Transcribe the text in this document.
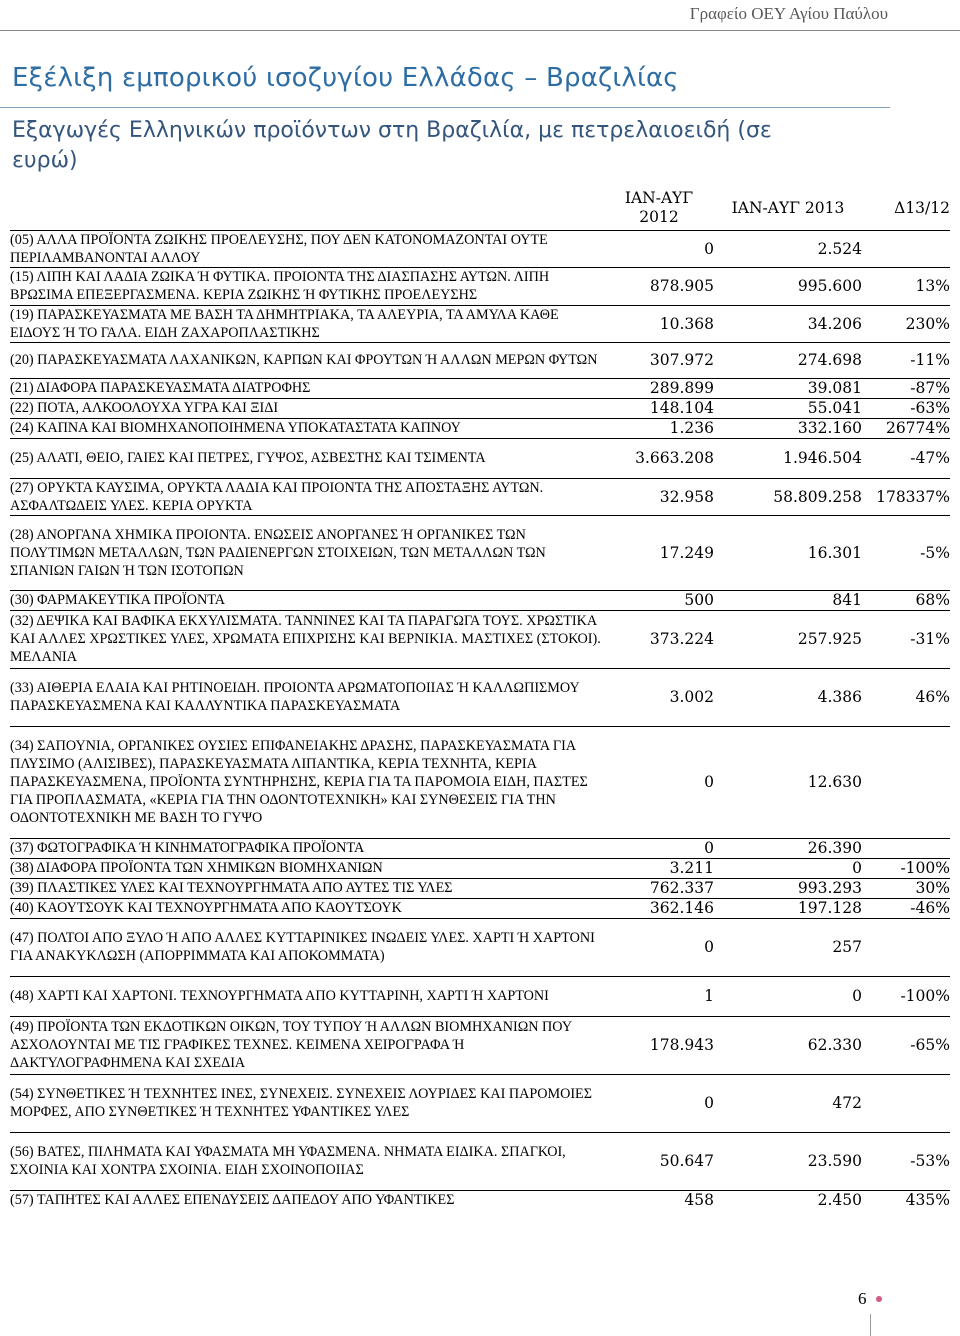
Γραφείο ΟΕΥ Αγίου Παύλου
Εξέλιξη εμπορικού ισοζυγίου Ελλάδας – Βραζιλίας
Εξαγωγές Ελληνικών προϊόντων στη Βραζιλία, με πετρελαιοειδή (σε ευρώ)
	ΙΑΝ-ΑΥΓ 2012	ΙΑΝ-ΑΥΓ 2013	Δ13/12
(05) ΑΛΛΑ ΠΡΟΪΟΝΤΑ ΖΩΙΚΗΣ ΠΡΟΕΛΕΥΣΗΣ, ΠΟΥ ΔΕΝ ΚΑΤΟΝΟΜΑΖΟΝΤΑΙ ΟΥΤΕ ΠΕΡΙΛΑΜΒΑΝΟΝΤΑΙ ΑΛΛΟΥ	0	2.524	
(15) ΛΙΠΗ ΚΑΙ ΛΑΔΙΑ ΖΩΙΚΑ Ή ΦΥΤΙΚΑ. ΠΡΟΙΟΝΤΑ ΤΗΣ ΔΙΑΣΠΑΣΗΣ ΑΥΤΩΝ. ΛΙΠΗ ΒΡΩΣΙΜΑ ΕΠΕΞΕΡΓΑΣΜΕΝΑ. ΚΕΡΙΑ ΖΩΙΚΗΣ Ή ΦΥΤΙΚΗΣ ΠΡΟΕΛΕΥΣΗΣ	878.905	995.600	13%
(19) ΠΑΡΑΣΚΕΥΑΣΜΑΤΑ ΜΕ ΒΑΣΗ ΤΑ ΔΗΜΗΤΡΙΑΚΑ, ΤΑ ΑΛΕΥΡΙΑ, ΤΑ ΑΜΥΛΑ ΚΑΘΕ ΕΙΔΟΥΣ Ή ΤΟ ΓΑΛΑ. ΕΙΔΗ ΖΑΧΑΡΟΠΛΑΣΤΙΚΗΣ	10.368	34.206	230%
(20) ΠΑΡΑΣΚΕΥΑΣΜΑΤΑ ΛΑΧΑΝΙΚΩΝ, ΚΑΡΠΩΝ ΚΑΙ ΦΡΟΥΤΩΝ Ή ΑΛΛΩΝ ΜΕΡΩΝ ΦΥΤΩΝ	307.972	274.698	-11%
(21) ΔΙΑΦΟΡΑ ΠΑΡΑΣΚΕΥΑΣΜΑΤΑ ΔΙΑΤΡΟΦΗΣ	289.899	39.081	-87%
(22) ΠΟΤΑ, ΑΛΚΟΟΛΟΥΧΑ ΥΓΡΑ ΚΑΙ ΞΙΔΙ	148.104	55.041	-63%
(24) ΚΑΠΝΑ ΚΑΙ ΒΙΟΜΗΧΑΝΟΠΟΙΗΜΕΝΑ ΥΠΟΚΑΤΑΣΤΑΤΑ ΚΑΠΝΟΥ	1.236	332.160	26774%
(25) ΑΛΑΤΙ, ΘΕΙΟ, ΓΑΙΕΣ ΚΑΙ ΠΕΤΡΕΣ, ΓΥΨΟΣ, ΑΣΒΕΣΤΗΣ ΚΑΙ ΤΣΙΜΕΝΤΑ	3.663.208	1.946.504	-47%
(27) ΟΡΥΚΤΑ ΚΑΥΣΙΜΑ, ΟΡΥΚΤΑ ΛΑΔΙΑ ΚΑΙ ΠΡΟΙΟΝΤΑ ΤΗΣ ΑΠΟΣΤΑΞΗΣ ΑΥΤΩΝ. ΑΣΦΑΛΤΩΔΕΙΣ ΥΛΕΣ. ΚΕΡΙΑ ΟΡΥΚΤΑ	32.958	58.809.258	178337%
(28) ΑΝΟΡΓΑΝΑ ΧΗΜΙΚΑ ΠΡΟΙΟΝΤΑ. ΕΝΩΣΕΙΣ ΑΝΟΡΓΑΝΕΣ Ή ΟΡΓΑΝΙΚΕΣ ΤΩΝ ΠΟΛΥΤΙΜΩΝ ΜΕΤΑΛΛΩΝ, ΤΩΝ ΡΑΔΙΕΝΕΡΓΩΝ ΣΤΟΙΧΕΙΩΝ, ΤΩΝ ΜΕΤΑΛΛΩΝ ΤΩΝ ΣΠΑΝΙΩΝ ΓΑΙΩΝ Ή ΤΩΝ ΙΣΟΤΟΠΩΝ	17.249	16.301	-5%
(30) ΦΑΡΜΑΚΕΥΤΙΚΑ ΠΡΟΪΟΝΤΑ	500	841	68%
(32) ΔΕΨΙΚΑ ΚΑΙ ΒΑΦΙΚΑ ΕΚΧΥΛΙΣΜΑΤΑ. ΤΑΝΝΙΝΕΣ ΚΑΙ ΤΑ ΠΑΡΑΓΩΓΑ ΤΟΥΣ. ΧΡΩΣΤΙΚΑ ΚΑΙ ΑΛΛΕΣ ΧΡΩΣΤΙΚΕΣ ΥΛΕΣ, ΧΡΩΜΑΤΑ ΕΠΙΧΡΙΣΗΣ ΚΑΙ ΒΕΡΝΙΚΙΑ. ΜΑΣΤΙΧΕΣ (ΣΤΟΚΟΙ). ΜΕΛΑΝΙΑ	373.224	257.925	-31%
(33) ΑΙΘΕΡΙΑ ΕΛΑΙΑ ΚΑΙ ΡΗΤΙΝΟΕΙΔΗ. ΠΡΟΙΟΝΤΑ ΑΡΩΜΑΤΟΠΟΙΙΑΣ Ή ΚΑΛΛΩΠΙΣΜΟΥ ΠΑΡΑΣΚΕΥΑΣΜΕΝΑ ΚΑΙ ΚΑΛΛΥΝΤΙΚΑ ΠΑΡΑΣΚΕΥΑΣΜΑΤΑ	3.002	4.386	46%
(34) ΣΑΠΟΥΝΙΑ, ΟΡΓΑΝΙΚΕΣ ΟΥΣΙΕΣ ΕΠΙΦΑΝΕΙΑΚΗΣ ΔΡΑΣΗΣ, ΠΑΡΑΣΚΕΥΑΣΜΑΤΑ ΓΙΑ ΠΛΥΣΙΜΟ (ΑΛΙΣΙΒΕΣ), ΠΑΡΑΣΚΕΥΑΣΜΑΤΑ ΛΙΠΑΝΤΙΚΑ, ΚΕΡΙΑ ΤΕΧΝΗΤΑ, ΚΕΡΙΑ ΠΑΡΑΣΚΕΥΑΣΜΕΝΑ, ΠΡΟΪΟΝΤΑ ΣΥΝΤΗΡΗΣΗΣ, ΚΕΡΙΑ ΓΙΑ ΤΑ ΠΑΡΟΜΟΙΑ ΕΙΔΗ, ΠΑΣΤΕΣ ΓΙΑ ΠΡΟΠΛΑΣΜΑΤΑ, «ΚΕΡΙΑ ΓΙΑ ΤΗΝ ΟΔΟΝΤΟΤΕΧΝΙΚΗ» ΚΑΙ ΣΥΝΘΕΣΕΙΣ ΓΙΑ ΤΗΝ ΟΔΟΝΤΟΤΕΧΝΙΚΗ ΜΕ ΒΑΣΗ ΤΟ ΓΥΨΟ	0	12.630	
(37) ΦΩΤΟΓΡΑΦΙΚΑ Ή ΚΙΝΗΜΑΤΟΓΡΑΦΙΚΑ ΠΡΟΪΟΝΤΑ	0	26.390	
(38) ΔΙΑΦΟΡΑ ΠΡΟΪΟΝΤΑ ΤΩΝ ΧΗΜΙΚΩΝ ΒΙΟΜΗΧΑΝΙΩΝ	3.211	0	-100%
(39) ΠΛΑΣΤΙΚΕΣ ΥΛΕΣ ΚΑΙ ΤΕΧΝΟΥΡΓΗΜΑΤΑ ΑΠΟ ΑΥΤΕΣ ΤΙΣ ΥΛΕΣ	762.337	993.293	30%
(40) ΚΑΟΥΤΣΟΥΚ ΚΑΙ ΤΕΧΝΟΥΡΓΗΜΑΤΑ ΑΠΟ ΚΑΟΥΤΣΟΥΚ	362.146	197.128	-46%
(47) ΠΟΛΤΟΙ ΑΠΟ ΞΥΛΟ Ή ΑΠΟ ΑΛΛΕΣ ΚΥΤΤΑΡΙΝΙΚΕΣ ΙΝΩΔΕΙΣ ΥΛΕΣ. ΧΑΡΤΙ Ή ΧΑΡΤΟΝΙ ΓΙΑ ΑΝΑΚΥΚΛΩΣΗ (ΑΠΟΡΡΙΜΜΑΤΑ ΚΑΙ ΑΠΟΚΟΜΜΑΤΑ)	0	257	
(48) ΧΑΡΤΙ ΚΑΙ ΧΑΡΤΟΝΙ. ΤΕΧΝΟΥΡΓΗΜΑΤΑ ΑΠΟ ΚΥΤΤΑΡΙΝΗ, ΧΑΡΤΙ Ή ΧΑΡΤΟΝΙ	1	0	-100%
(49) ΠΡΟΪΟΝΤΑ ΤΩΝ ΕΚΔΟΤΙΚΩΝ ΟΙΚΩΝ, ΤΟΥ ΤΥΠΟΥ Ή ΑΛΛΩΝ ΒΙΟΜΗΧΑΝΙΩΝ ΠΟΥ ΑΣΧΟΛΟΥΝΤΑΙ ΜΕ ΤΙΣ ΓΡΑΦΙΚΕΣ ΤΕΧΝΕΣ. ΚΕΙΜΕΝΑ ΧΕΙΡΟΓΡΑΦΑ Ή ΔΑΚΤΥΛΟΓΡΑΦΗΜΕΝΑ ΚΑΙ ΣΧΕΔΙΑ	178.943	62.330	-65%
(54) ΣΥΝΘΕΤΙΚΕΣ Ή ΤΕΧΝΗΤΕΣ ΙΝΕΣ, ΣΥΝΕΧΕΙΣ. ΣΥΝΕΧΕΙΣ ΛΟΥΡΙΔΕΣ ΚΑΙ ΠΑΡΟΜΟΙΕΣ ΜΟΡΦΕΣ, ΑΠΟ ΣΥΝΘΕΤΙΚΕΣ Ή ΤΕΧΝΗΤΕΣ ΥΦΑΝΤΙΚΕΣ ΥΛΕΣ	0	472	
(56) ΒΑΤΕΣ, ΠΙΛΗΜΑΤΑ ΚΑΙ ΥΦΑΣΜΑΤΑ ΜΗ ΥΦΑΣΜΕΝΑ. ΝΗΜΑΤΑ ΕΙΔΙΚΑ. ΣΠΑΓΚΟΙ, ΣΧΟΙΝΙΑ ΚΑΙ ΧΟΝΤΡΑ ΣΧΟΙΝΙΑ. ΕΙΔΗ ΣΧΟΙΝΟΠΟΙΙΑΣ	50.647	23.590	-53%
(57) ΤΑΠΗΤΕΣ ΚΑΙ ΑΛΛΕΣ ΕΠΕΝΔΥΣΕΙΣ ΔΑΠΕΔΟΥ ΑΠΟ ΥΦΑΝΤΙΚΕΣ	458	2.450	435%
6
